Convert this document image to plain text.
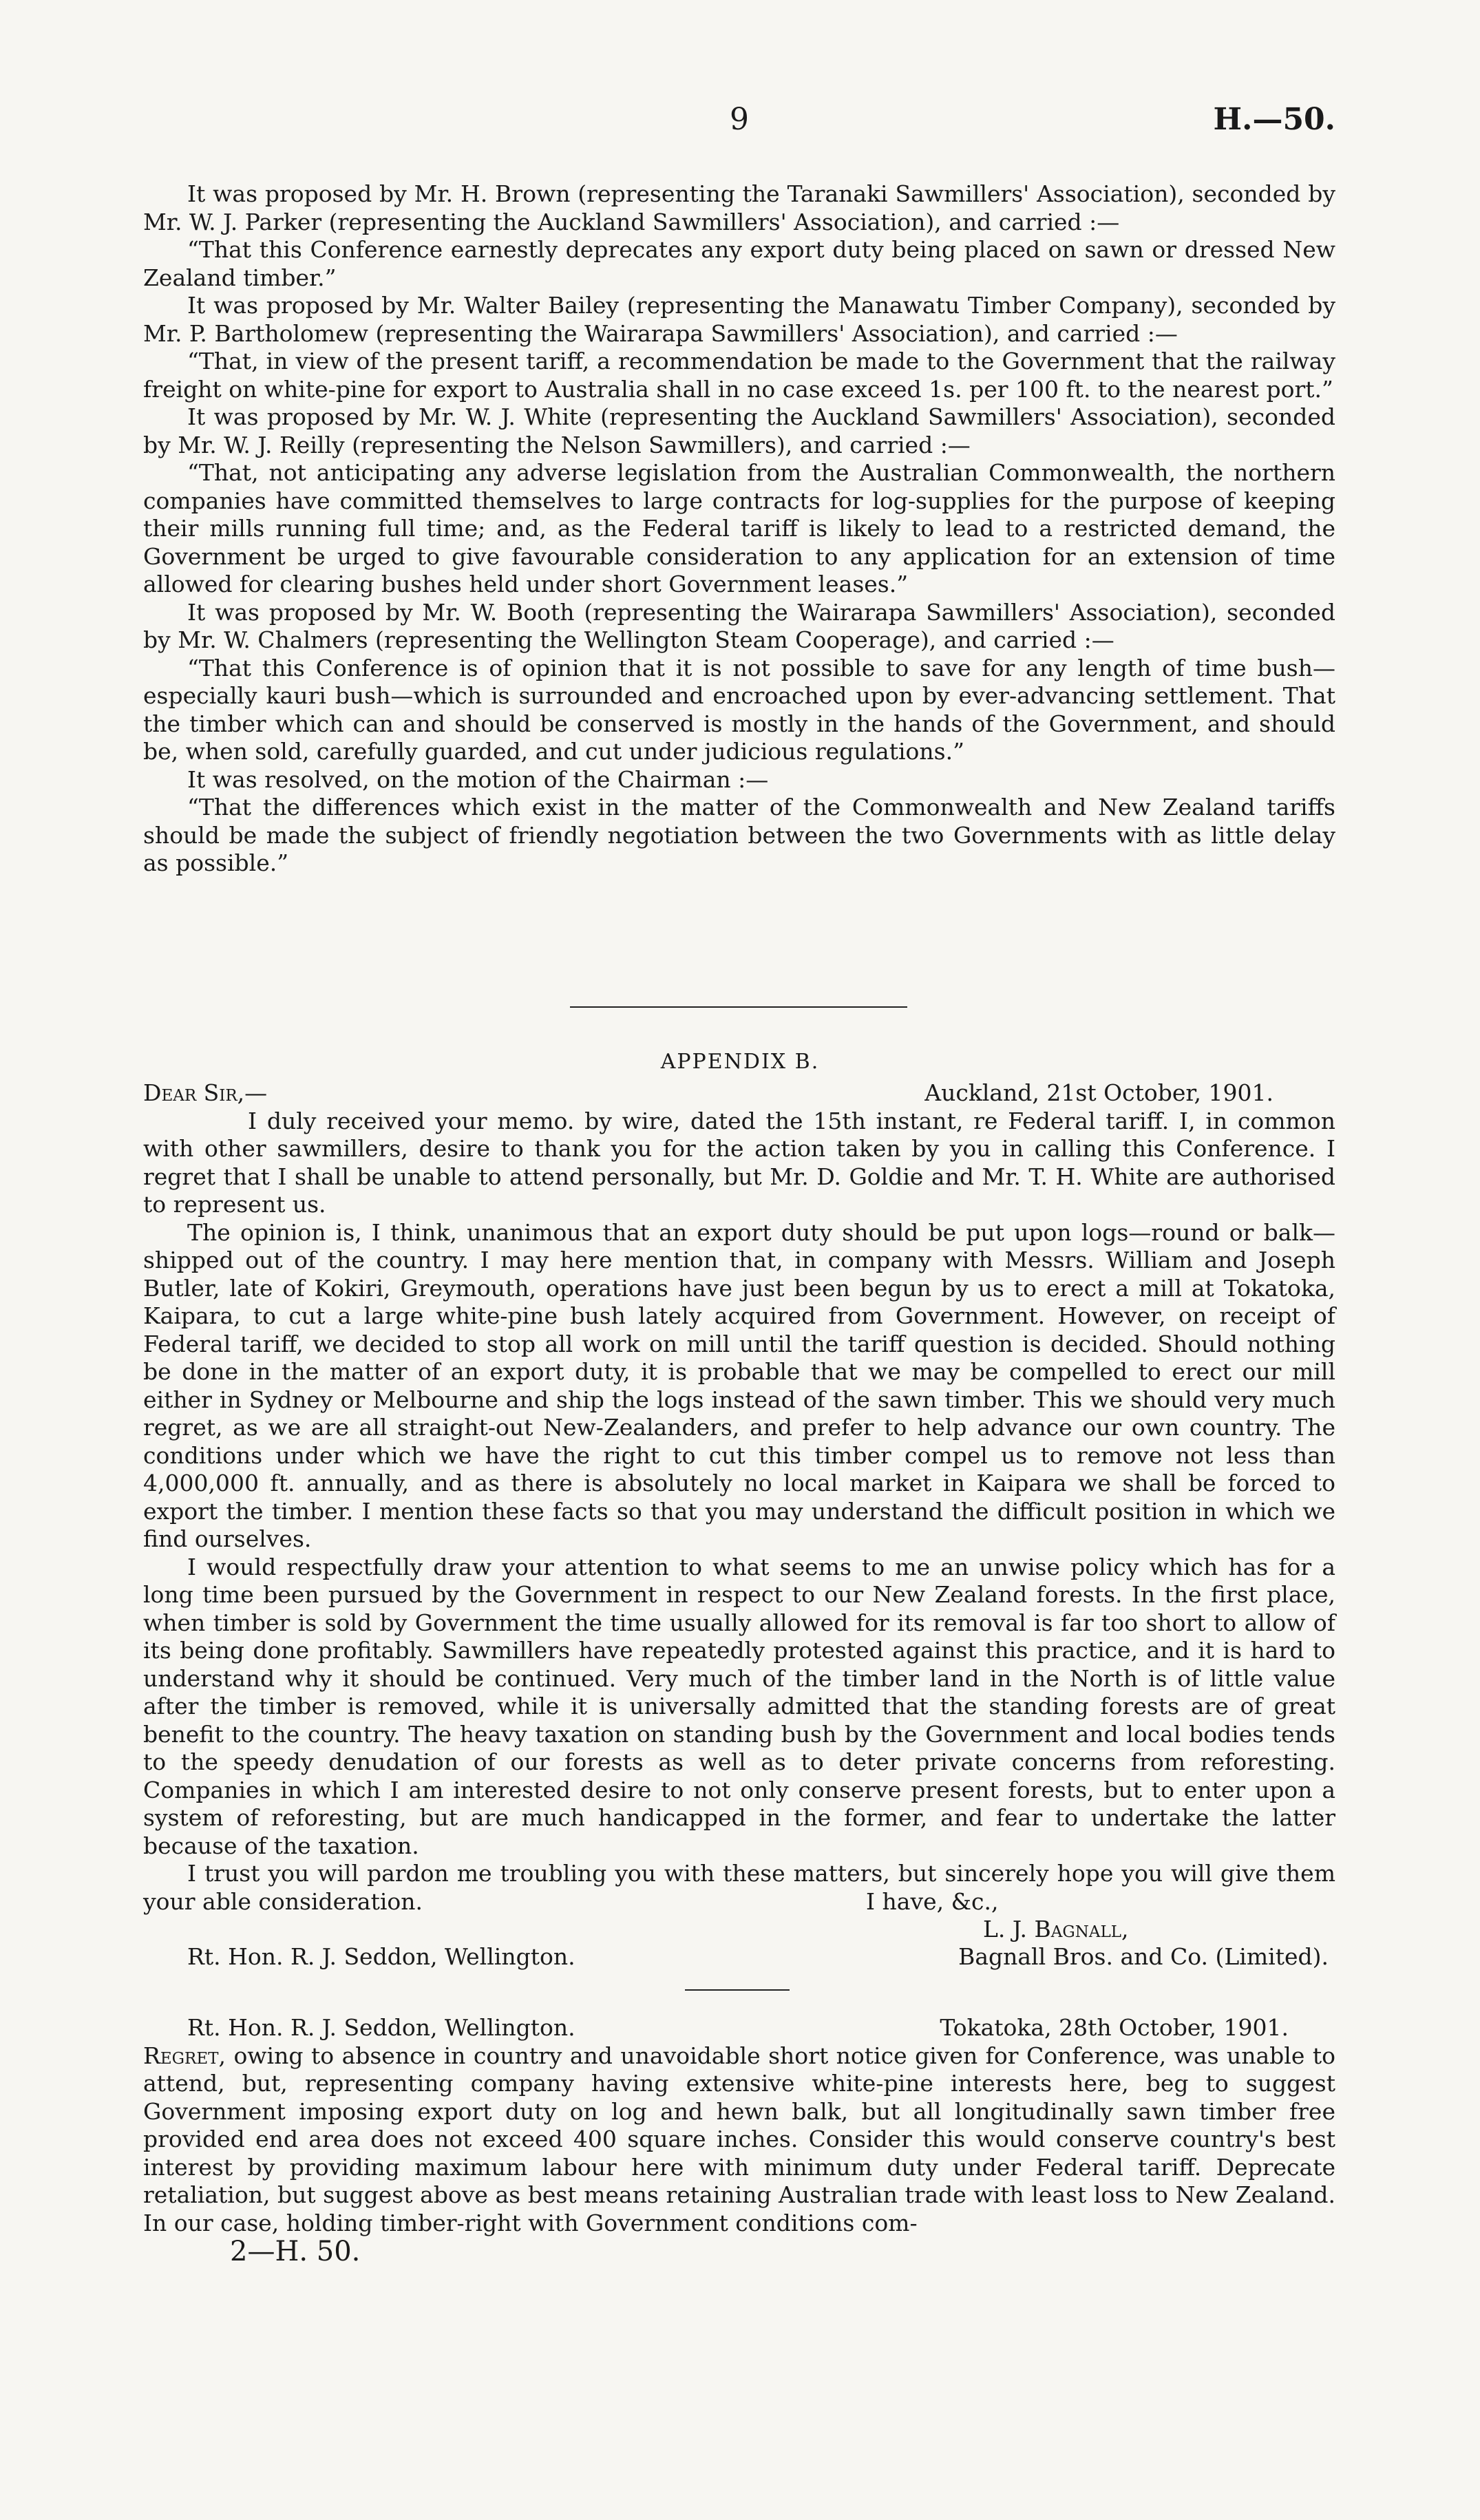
9	H.—50.

It was proposed by Mr. H. Brown (representing the Taranaki Sawmillers' Association), seconded by Mr. W. J. Parker (representing the Auckland Sawmillers' Association), and carried :—

“That this Conference earnestly deprecates any export duty being placed on sawn or dressed New Zealand timber.”

It was proposed by Mr. Walter Bailey (representing the Manawatu Timber Company), seconded by Mr. P. Bartholomew (representing the Wairarapa Sawmillers' Association), and carried :—

“That, in view of the present tariff, a recommendation be made to the Government that the railway freight on white-pine for export to Australia shall in no case exceed 1s. per 100 ft. to the nearest port.”

It was proposed by Mr. W. J. White (representing the Auckland Sawmillers' Association), seconded by Mr. W. J. Reilly (representing the Nelson Sawmillers), and carried :—

“That, not anticipating any adverse legislation from the Australian Commonwealth, the northern companies have committed themselves to large contracts for log-supplies for the purpose of keeping their mills running full time; and, as the Federal tariff is likely to lead to a restricted demand, the Government be urged to give favourable consideration to any application for an extension of time allowed for clearing bushes held under short Government leases.”

It was proposed by Mr. W. Booth (representing the Wairarapa Sawmillers' Association), seconded by Mr. W. Chalmers (representing the Wellington Steam Cooperage), and carried :—

“That this Conference is of opinion that it is not possible to save for any length of time bush—especially kauri bush—which is surrounded and encroached upon by ever-advancing settlement. That the timber which can and should be conserved is mostly in the hands of the Government, and should be, when sold, carefully guarded, and cut under judicious regulations.”

It was resolved, on the motion of the Chairman :—

“That the differences which exist in the matter of the Commonwealth and New Zealand tariffs should be made the subject of friendly negotiation between the two Governments with as little delay as possible.”

APPENDIX B.
Dear Sir,—	Auckland, 21st October, 1901.

I duly received your memo. by wire, dated the 15th instant, re Federal tariff. I, in common with other sawmillers, desire to thank you for the action taken by you in calling this Conference. I regret that I shall be unable to attend personally, but Mr. D. Goldie and Mr. T. H. White are authorised to represent us.

The opinion is, I think, unanimous that an export duty should be put upon logs—round or balk—shipped out of the country. I may here mention that, in company with Messrs. William and Joseph Butler, late of Kokiri, Greymouth, operations have just been begun by us to erect a mill at Tokatoka, Kaipara, to cut a large white-pine bush lately acquired from Government. However, on receipt of Federal tariff, we decided to stop all work on mill until the tariff question is decided. Should nothing be done in the matter of an export duty, it is probable that we may be compelled to erect our mill either in Sydney or Melbourne and ship the logs instead of the sawn timber. This we should very much regret, as we are all straight-out New-Zealanders, and prefer to help advance our own country. The conditions under which we have the right to cut this timber compel us to remove not less than 4,000,000 ft. annually, and as there is absolutely no local market in Kaipara we shall be forced to export the timber. I mention these facts so that you may understand the difficult position in which we find ourselves.

I would respectfully draw your attention to what seems to me an unwise policy which has for a long time been pursued by the Government in respect to our New Zealand forests. In the first place, when timber is sold by Government the time usually allowed for its removal is far too short to allow of its being done profitably. Sawmillers have repeatedly protested against this practice, and it is hard to understand why it should be continued. Very much of the timber land in the North is of little value after the timber is removed, while it is universally admitted that the standing forests are of great benefit to the country. The heavy taxation on standing bush by the Government and local bodies tends to the speedy denudation of our forests as well as to deter private concerns from reforesting. Companies in which I am interested desire to not only conserve present forests, but to enter upon a system of reforesting, but are much handicapped in the former, and fear to undertake the latter because of the taxation.

I trust you will pardon me troubling you with these matters, but sincerely hope you will give them your able consideration.	I have, &c.,
L. J. Bagnall,
Rt. Hon. R. J. Seddon, Wellington.	Bagnall Bros. and Co. (Limited).
Rt. Hon. R. J. Seddon, Wellington.	Tokatoka, 28th October, 1901.

Regret, owing to absence in country and unavoidable short notice given for Conference, was unable to attend, but, representing company having extensive white-pine interests here, beg to suggest Government imposing export duty on log and hewn balk, but all longitudinally sawn timber free provided end area does not exceed 400 square inches. Consider this would conserve country's best interest by providing maximum labour here with minimum duty under Federal tariff. Deprecate retaliation, but suggest above as best means retaining Australian trade with least loss to New Zealand. In our case, holding timber-right with Government conditions com-

2—H. 50.
